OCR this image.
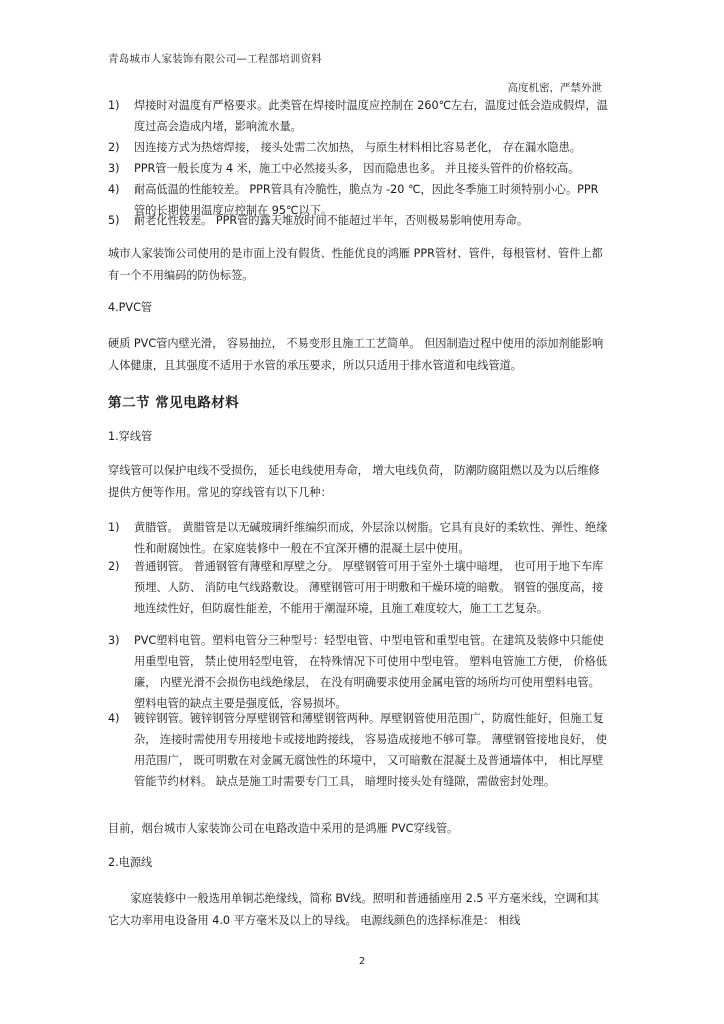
青岛城市人家装饰有限公司—工程部培训资料
高度机密，严禁外泄
1) 焊接时对温度有严格要求。此类管在焊接时温度应控制在 260℃左右，温度过低会造成假焊，温度过高会造成内堵，影响流水量。
2) 因连接方式为热熔焊接， 接头处需二次加热， 与原生材料相比容易老化， 存在漏水隐患。
3) PPR管一般长度为 4 米，施工中必然接头多， 因而隐患也多。 并且接头管件的价格较高。
4) 耐高低温的性能较差。 PPR管具有冷脆性，脆点为 -20 ℃，因此冬季施工时须特别小心。PPR管的长期使用温度应控制在 95℃以下。
5) 耐老化性较差。 PPR管的露天堆放时间不能超过半年，否则极易影响使用寿命。
城市人家装饰公司使用的是市面上没有假货、性能优良的鸿雁 PPR管材、管件，每根管材、管件上都有一个不用编码的防伪标签。
4.PVC管
硬质 PVC管内壁光滑， 容易抽拉， 不易变形且施工工艺简单。 但因制造过程中使用的添加剂能影响人体健康，且其强度不适用于水管的承压要求，所以只适用于排水管道和电线管道。
第二节 常见电路材料
1.穿线管
穿线管可以保护电线不受损伤， 延长电线使用寿命， 增大电线负荷， 防潮防腐阻燃以及为以后维修提供方便等作用。常见的穿线管有以下几种：
1) 黄腊管。 黄腊管是以无碱玻璃纤维编织而成，外层涂以树脂。它具有良好的柔软性、弹性、绝缘性和耐腐蚀性。在家庭装修中一般在不宜深开槽的混凝土层中使用。
2) 普通钢管。 普通钢管有薄壁和厚壁之分。 厚壁钢管可用于室外土壤中暗埋， 也可用于地下车库预埋、人防、 消防电气线路敷设。 薄壁钢管可用于明敷和干燥环境的暗敷。 钢管的强度高，接地连续性好，但防腐性能差，不能用于潮湿环境，且施工难度较大，施工工艺复杂。
3) PVC塑料电管。塑料电管分三种型号：轻型电管、中型电管和重型电管。在建筑及装修中只能使用重型电管， 禁止使用轻型电管， 在特殊情况下可使用中型电管。 塑料电管施工方便， 价格低廉， 内壁光滑不会损伤电线绝缘层， 在没有明确要求使用金属电管的场所均可使用塑料电管。塑料电管的缺点主要是强度低，容易损坏。
4) 镀锌钢管。镀锌钢管分厚壁钢管和薄壁钢管两种。厚壁钢管使用范围广，防腐性能好，但施工复杂， 连接时需使用专用接地卡或接地跨接线， 容易造成接地不够可靠。 薄壁钢管接地良好， 使用范围广， 既可明敷在对金属无腐蚀性的环境中， 又可暗敷在混凝土及普通墙体中， 相比厚壁管能节约材料。 缺点是施工时需要专门工具， 暗埋时接头处有缝隙，需做密封处理。
目前，烟台城市人家装饰公司在电路改造中采用的是鸿雁 PVC穿线管。
2.电源线
家庭装修中一般选用单铜芯绝缘线，简称 BV线。照明和普通插座用 2.5 平方毫米线，空调和其它大功率用电设备用 4.0 平方毫米及以上的导线。 电源线颜色的选择标准是： 相线
2
